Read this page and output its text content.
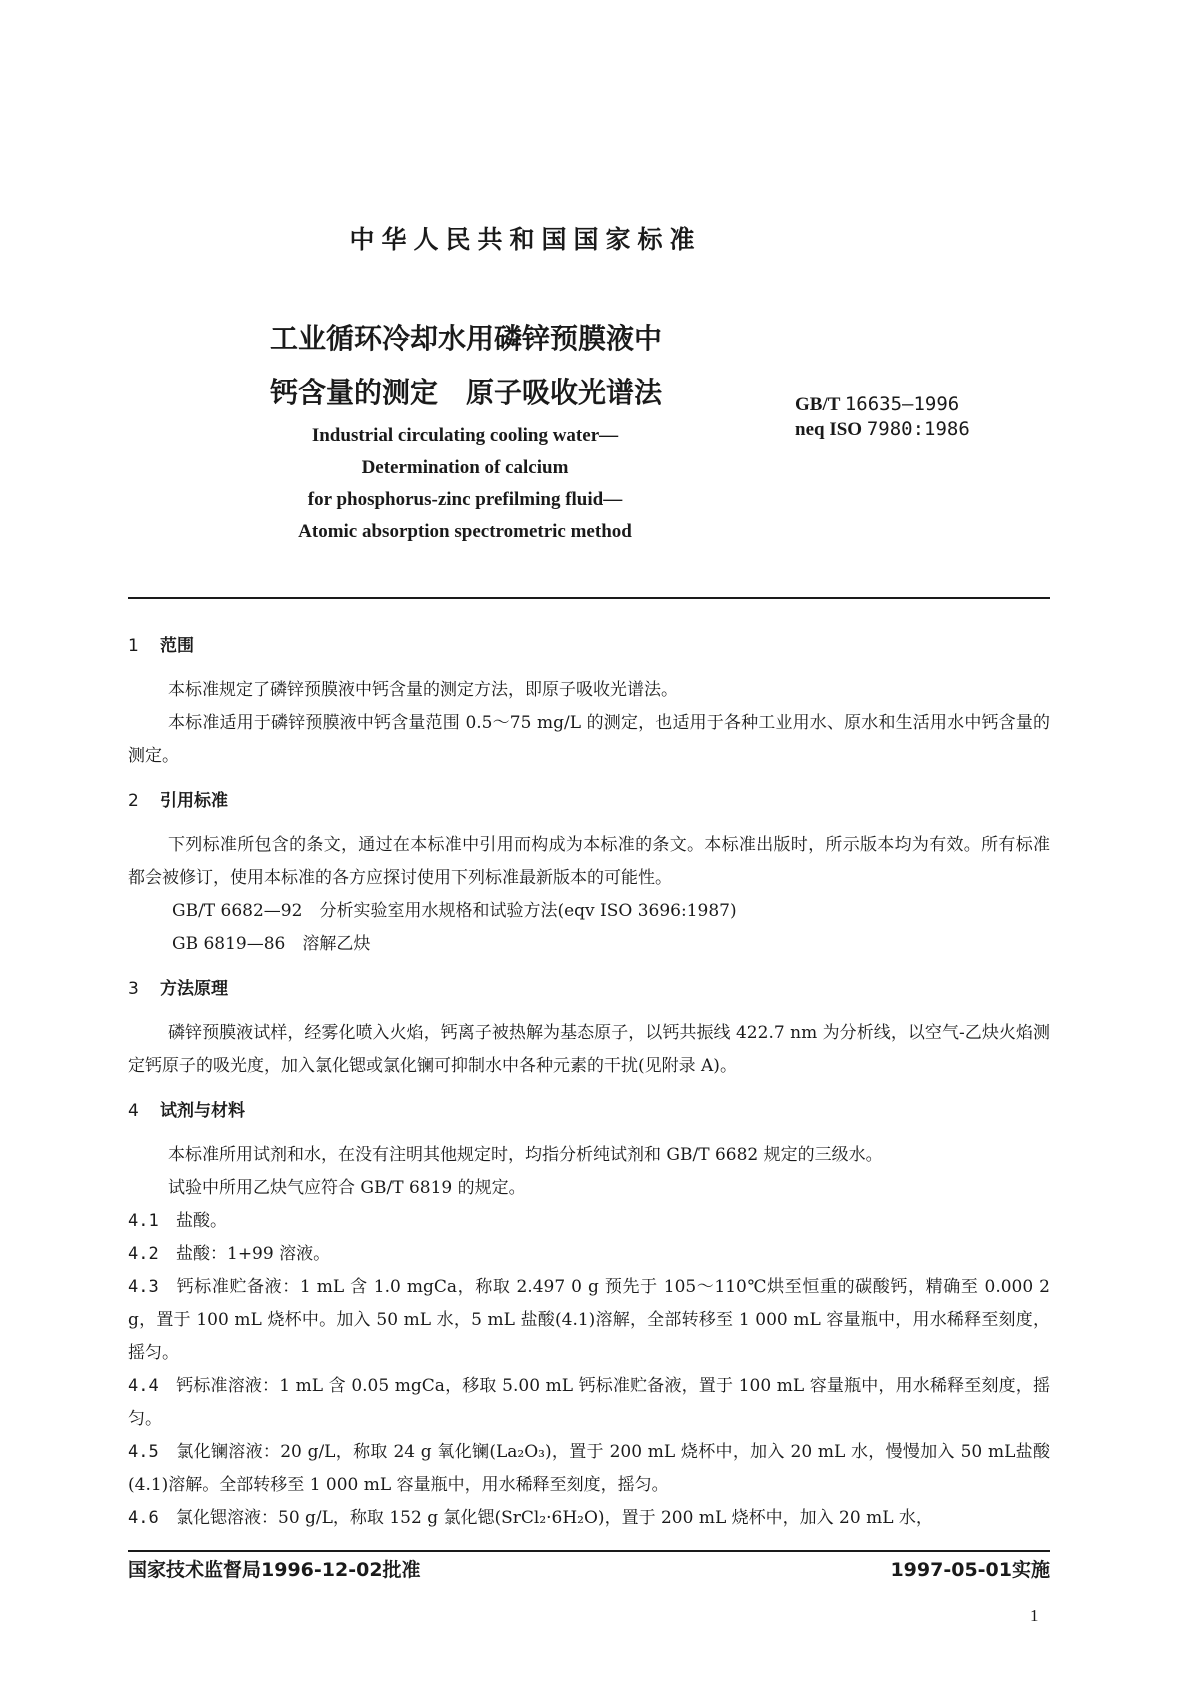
中华人民共和国国家标准
工业循环冷却水用磷锌预膜液中
钙含量的测定　原子吸收光谱法	GB/T 16635—1996
neq ISO 7980:1986
Industrial circulating cooling water—
Determination of calcium
for phosphorus-zinc prefilming fluid—
Atomic absorption spectrometric method
1 范围
本标准规定了磷锌预膜液中钙含量的测定方法，即原子吸收光谱法。
本标准适用于磷锌预膜液中钙含量范围 0.5～75 mg/L 的测定，也适用于各种工业用水、原水和生活用水中钙含量的测定。
2 引用标准
下列标准所包含的条文，通过在本标准中引用而构成为本标准的条文。本标准出版时，所示版本均为有效。所有标准都会被修订，使用本标准的各方应探讨使用下列标准最新版本的可能性。
GB/T 6682—92　分析实验室用水规格和试验方法(eqv ISO 3696:1987)
GB 6819—86　溶解乙炔
3 方法原理
磷锌预膜液试样，经雾化喷入火焰，钙离子被热解为基态原子，以钙共振线 422.7 nm 为分析线，以空气-乙炔火焰测定钙原子的吸光度，加入氯化锶或氯化镧可抑制水中各种元素的干扰(见附录 A)。
4 试剂与材料
本标准所用试剂和水，在没有注明其他规定时，均指分析纯试剂和 GB/T 6682 规定的三级水。
试验中所用乙炔气应符合 GB/T 6819 的规定。
4.1 盐酸。
4.2 盐酸：1+99 溶液。
4.3 钙标准贮备液：1 mL 含 1.0 mgCa，称取 2.497 0 g 预先于 105～110℃烘至恒重的碳酸钙，精确至 0.000 2 g，置于 100 mL 烧杯中。加入 50 mL 水，5 mL 盐酸(4.1)溶解，全部转移至 1 000 mL 容量瓶中，用水稀释至刻度，摇匀。
4.4 钙标准溶液：1 mL 含 0.05 mgCa，移取 5.00 mL 钙标准贮备液，置于 100 mL 容量瓶中，用水稀释至刻度，摇匀。
4.5 氯化镧溶液：20 g/L，称取 24 g 氧化镧(La₂O₃)，置于 200 mL 烧杯中，加入 20 mL 水，慢慢加入 50 mL盐酸(4.1)溶解。全部转移至 1 000 mL 容量瓶中，用水稀释至刻度，摇匀。
4.6 氯化锶溶液：50 g/L，称取 152 g 氯化锶(SrCl₂·6H₂O)，置于 200 mL 烧杯中，加入 20 mL 水，
国家技术监督局1996-12-02批准	1997-05-01实施
1
